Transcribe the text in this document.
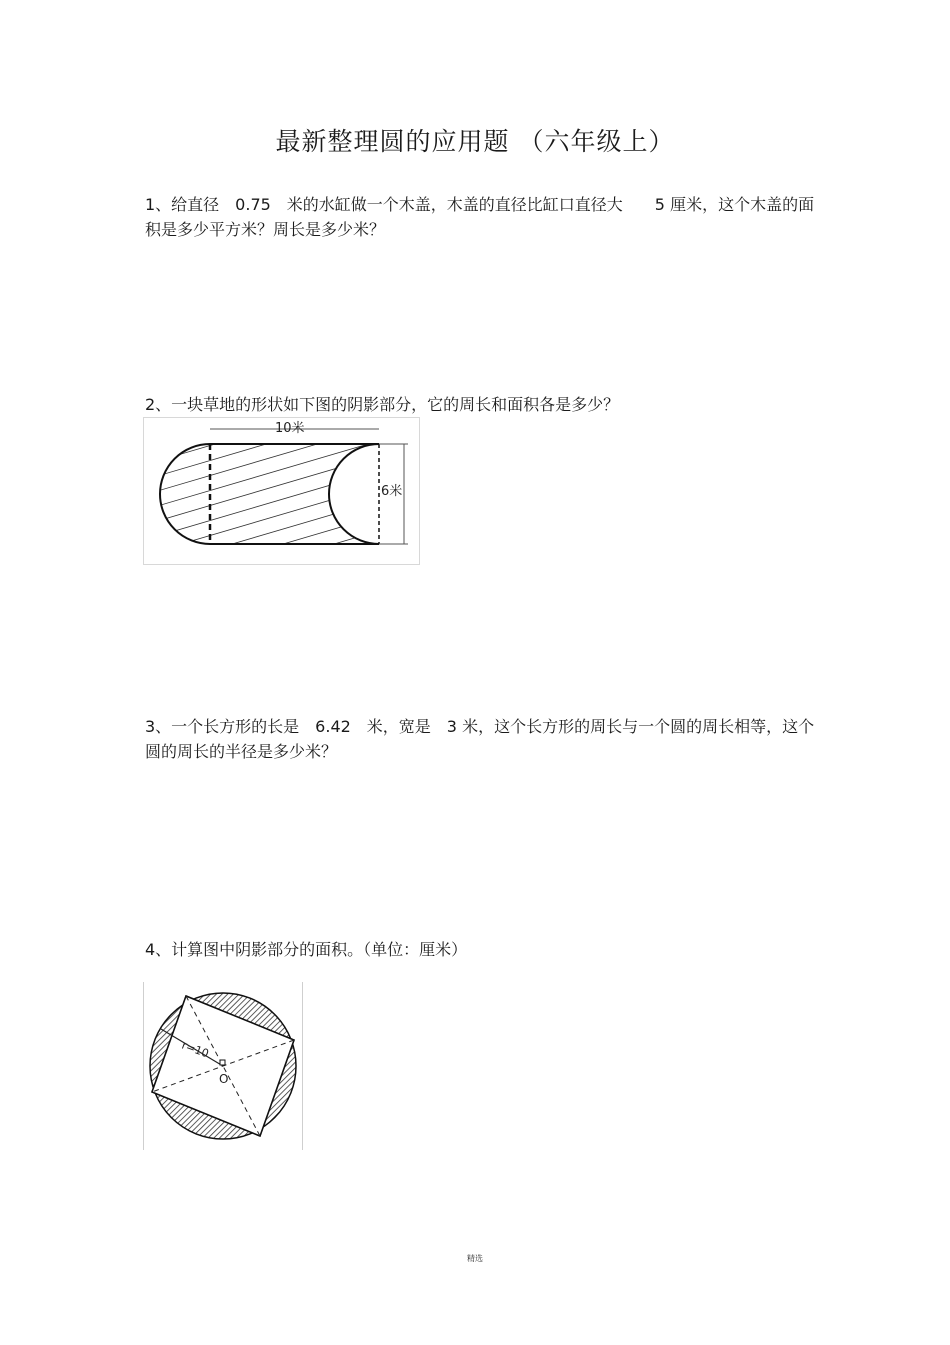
最新整理圆的应用题 （六年级上）
1、给直径　0.75　米的水缸做一个木盖，木盖的直径比缸口直径大　　5 厘米，这个木盖的面积是多少平方米？周长是多少米？
2、一块草地的形状如下图的阴影部分，它的周长和面积各是多少？
10米
6米
3、一个长方形的长是　6.42　米，宽是　3 米，这个长方形的周长与一个圆的周长相等，这个圆的周长的半径是多少米？
4、计算图中阴影部分的面积。（单位：厘米）
r=10
O
精选
